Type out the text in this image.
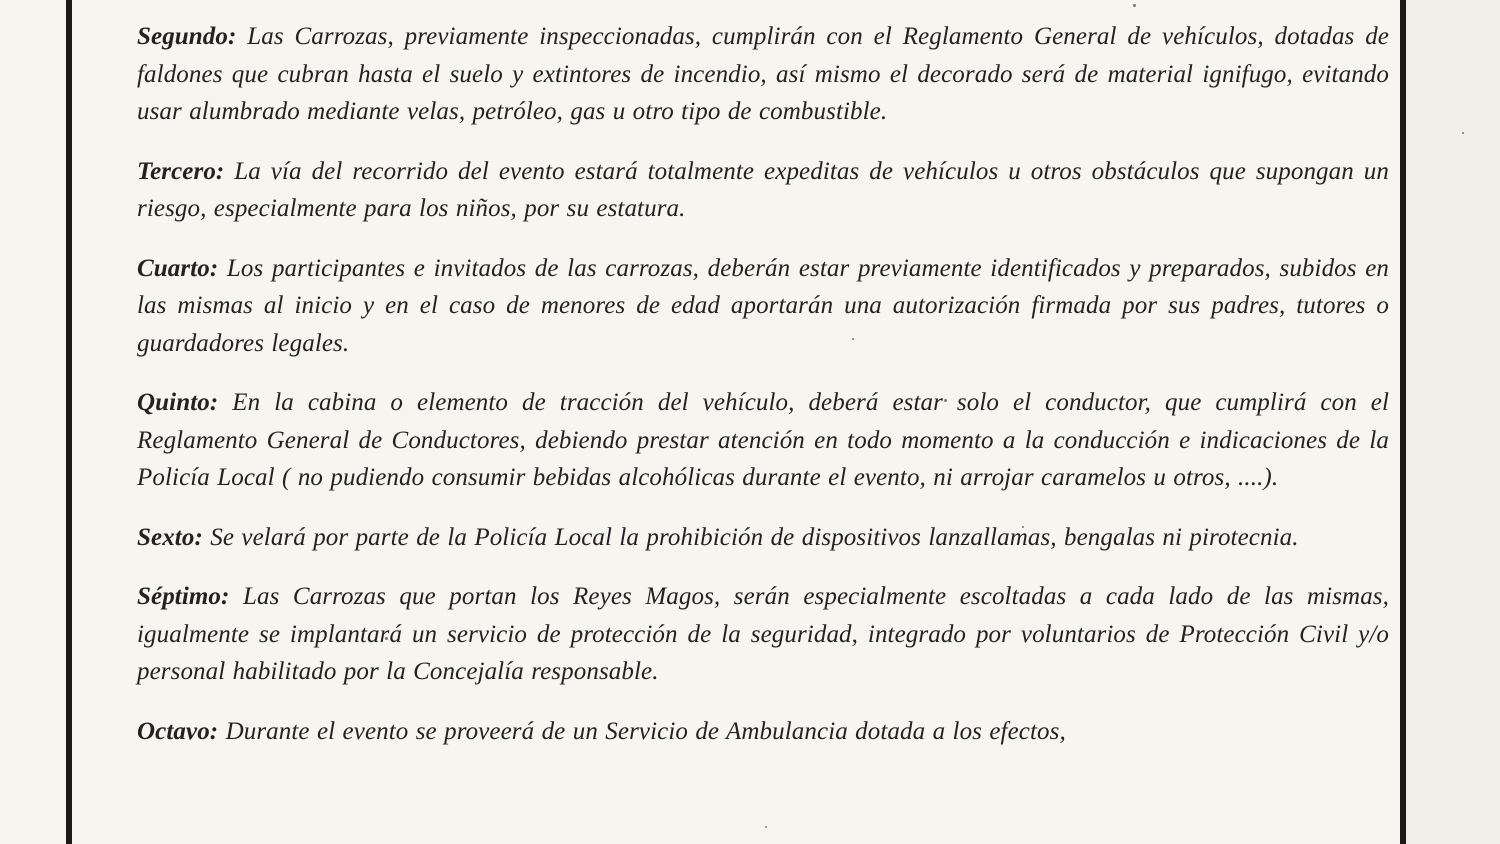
Segundo: Las Carrozas, previamente inspeccionadas, cumplirán con el Reglamento General de vehículos, dotadas de faldones que cubran hasta el suelo y extintores de incendio, así mismo el decorado será de material ignifugo, evitando usar alumbrado mediante velas, petróleo, gas u otro tipo de combustible.

Tercero: La vía del recorrido del evento estará totalmente expeditas de vehículos u otros obstáculos que supongan un riesgo, especialmente para los niños, por su estatura.

Cuarto: Los participantes e invitados de las carrozas, deberán estar previamente identificados y preparados, subidos en las mismas al inicio y en el caso de menores de edad aportarán una autorización firmada por sus padres, tutores o guardadores legales.

Quinto: En la cabina o elemento de tracción del vehículo, deberá estar solo el conductor, que cumplirá con el Reglamento General de Conductores, debiendo prestar atención en todo momento a la conducción e indicaciones de la Policía Local ( no pudiendo consumir bebidas alcohólicas durante el evento, ni arrojar caramelos u otros, ....).

Sexto: Se velará por parte de la Policía Local la prohibición de dispositivos lanzallamas, bengalas ni pirotecnia.

Séptimo: Las Carrozas que portan los Reyes Magos, serán especialmente escoltadas a cada lado de las mismas, igualmente se implantará un servicio de protección de la seguridad, integrado por voluntarios de Protección Civil y/o personal habilitado por la Concejalía responsable.

Octavo: Durante el evento se proveerá de un Servicio de Ambulancia dotada a los efectos,
